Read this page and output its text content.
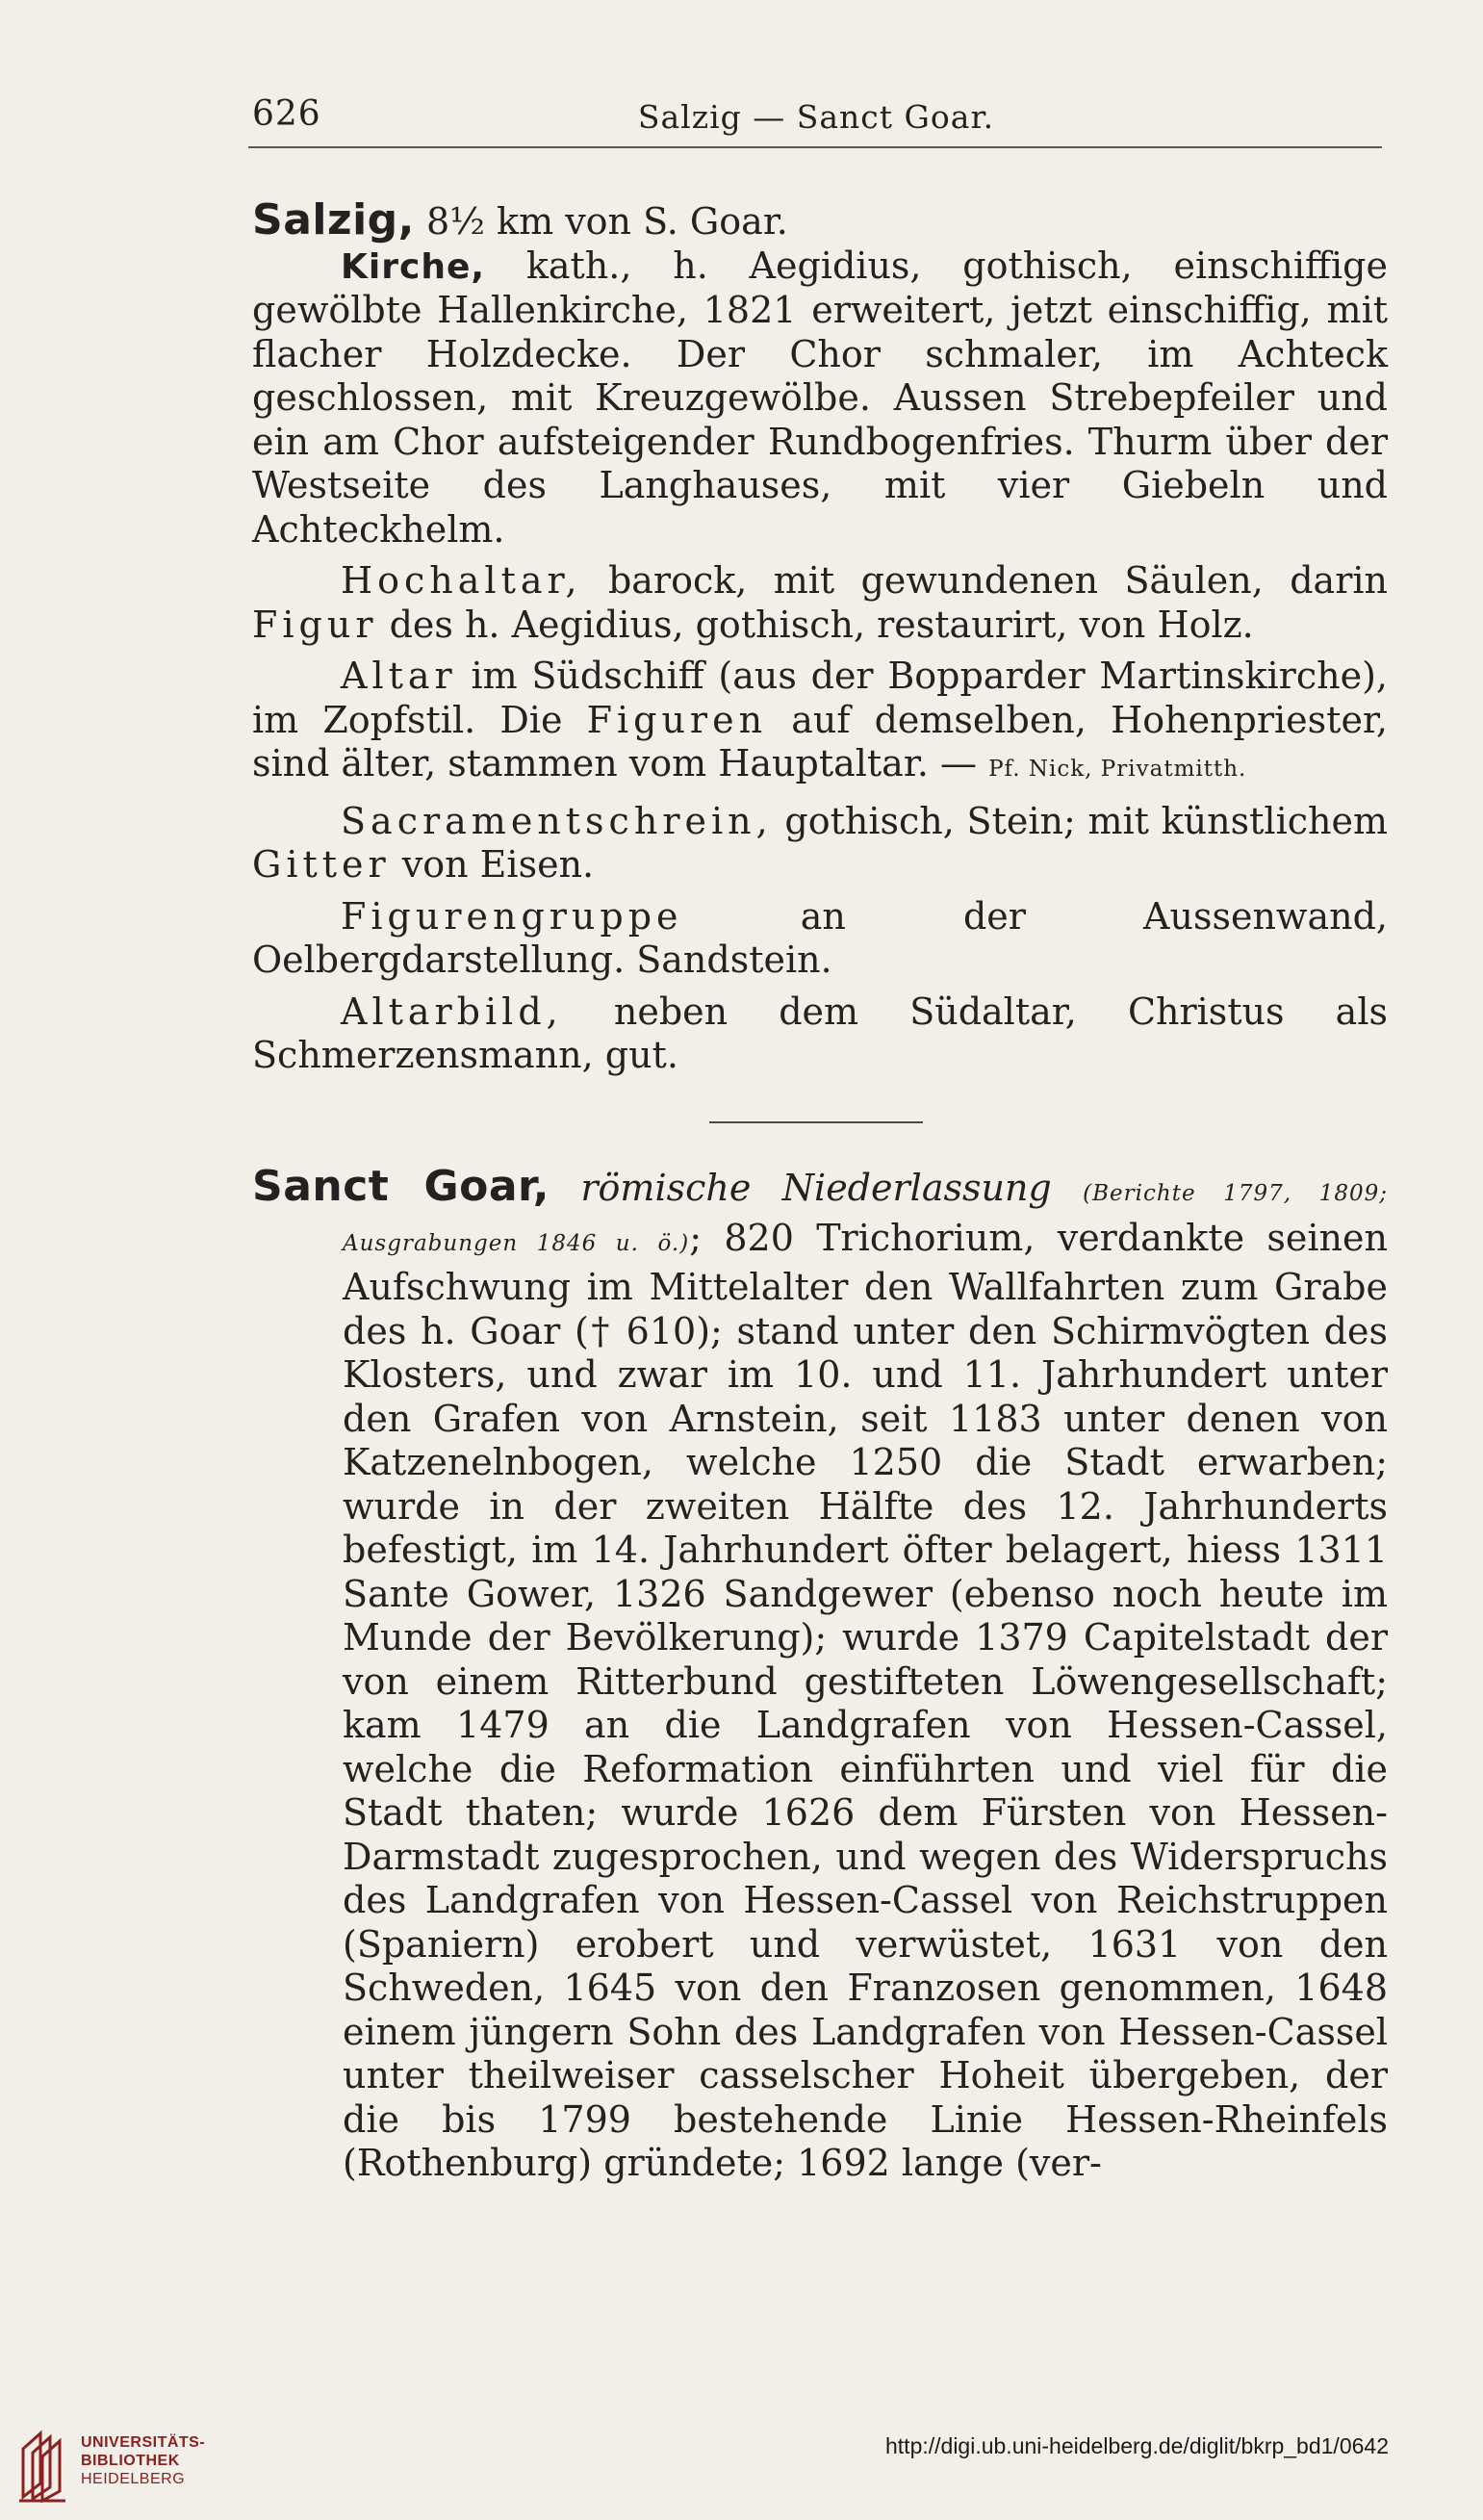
626	Salzig — Sanct Goar.

Salzig, 8½ km von S. Goar.

Kirche, kath., h. Aegidius, gothisch, einschiffige gewölbte Hallenkirche, 1821 erweitert, jetzt einschiffig, mit flacher Holzdecke. Der Chor schmaler, im Achteck geschlossen, mit Kreuzgewölbe. Aussen Strebepfeiler und ein am Chor aufsteigender Rundbogenfries. Thurm über der Westseite des Langhauses, mit vier Giebeln und Achteckhelm.

Hochaltar, barock, mit gewundenen Säulen, darin Figur des h. Aegidius, gothisch, restaurirt, von Holz.

Altar im Südschiff (aus der Bopparder Martinskirche), im Zopfstil. Die Figuren auf demselben, Hohenpriester, sind älter, stammen vom Hauptaltar. — Pf. Nick, Privatmitth.

Sacramentschrein, gothisch, Stein; mit künstlichem Gitter von Eisen.

Figurengruppe an der Aussenwand, Oelbergdarstellung. Sandstein.

Altarbild, neben dem Südaltar, Christus als Schmerzensmann, gut.

Sanct Goar, römische Niederlassung (Berichte 1797, 1809; Ausgrabungen 1846 u. ö.); 820 Trichorium, verdankte seinen Aufschwung im Mittelalter den Wallfahrten zum Grabe des h. Goar († 610); stand unter den Schirmvögten des Klosters, und zwar im 10. und 11. Jahrhundert unter den Grafen von Arnstein, seit 1183 unter denen von Katzenelnbogen, welche 1250 die Stadt erwarben; wurde in der zweiten Hälfte des 12. Jahrhunderts befestigt, im 14. Jahrhundert öfter belagert, hiess 1311 Sante Gower, 1326 Sandgewer (ebenso noch heute im Munde der Bevölkerung); wurde 1379 Capitelstadt der von einem Ritterbund gestifteten Löwengesellschaft; kam 1479 an die Landgrafen von Hessen-Cassel, welche die Reformation einführten und viel für die Stadt thaten; wurde 1626 dem Fürsten von Hessen-Darmstadt zugesprochen, und wegen des Widerspruchs des Landgrafen von Hessen-Cassel von Reichstruppen (Spaniern) erobert und verwüstet, 1631 von den Schweden, 1645 von den Franzosen genommen, 1648 einem jüngern Sohn des Landgrafen von Hessen-Cassel unter theilweiser casselscher Hoheit übergeben, der die bis 1799 bestehende Linie Hessen-Rheinfels (Rothenburg) gründete; 1692 lange (ver-

UNIVERSITÄTS-
BIBLIOTHEK
HEIDELBERG
http://digi.ub.uni-heidelberg.de/diglit/bkrp_bd1/0642
